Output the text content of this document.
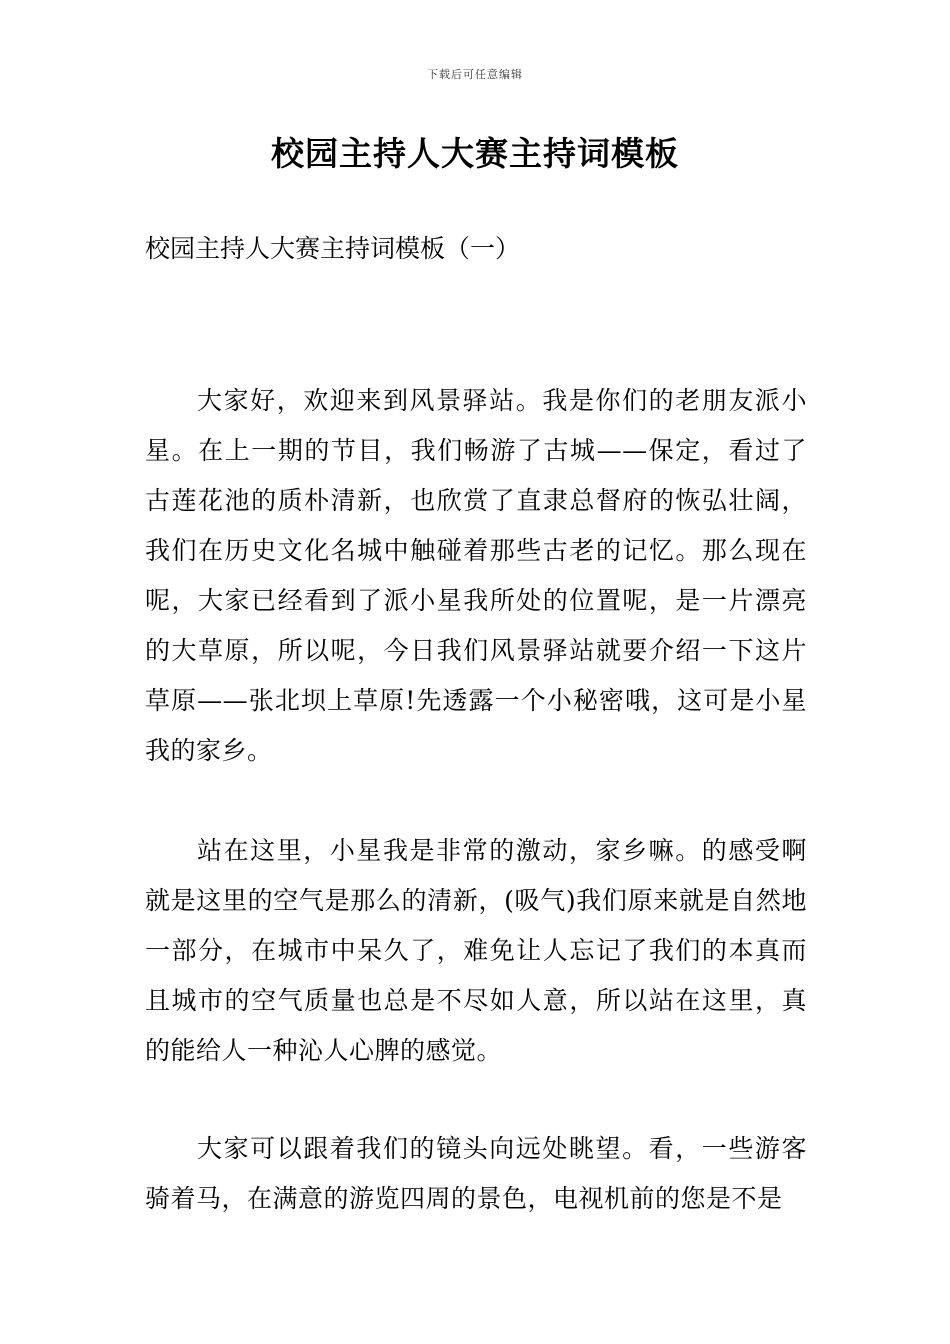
下载后可任意编辑
校园主持人大赛主持词模板
校园主持人大赛主持词模板（一）
大家好，欢迎来到风景驿站。我是你们的老朋友派小星。在上一期的节目，我们畅游了古城——保定，看过了古莲花池的质朴清新，也欣赏了直隶总督府的恢弘壮阔，我们在历史文化名城中触碰着那些古老的记忆。那么现在呢，大家已经看到了派小星我所处的位置呢，是一片漂亮的大草原，所以呢，今日我们风景驿站就要介绍一下这片草原——张北坝上草原!先透露一个小秘密哦，这可是小星我的家乡。
站在这里，小星我是非常的激动，家乡嘛。的感受啊就是这里的空气是那么的清新，(吸气)我们原来就是自然地一部分，在城市中呆久了，难免让人忘记了我们的本真而且城市的空气质量也总是不尽如人意，所以站在这里，真的能给人一种沁人心脾的感觉。
大家可以跟着我们的镜头向远处眺望。看，一些游客骑着马，在满意的游览四周的景色，电视机前的您是不是
